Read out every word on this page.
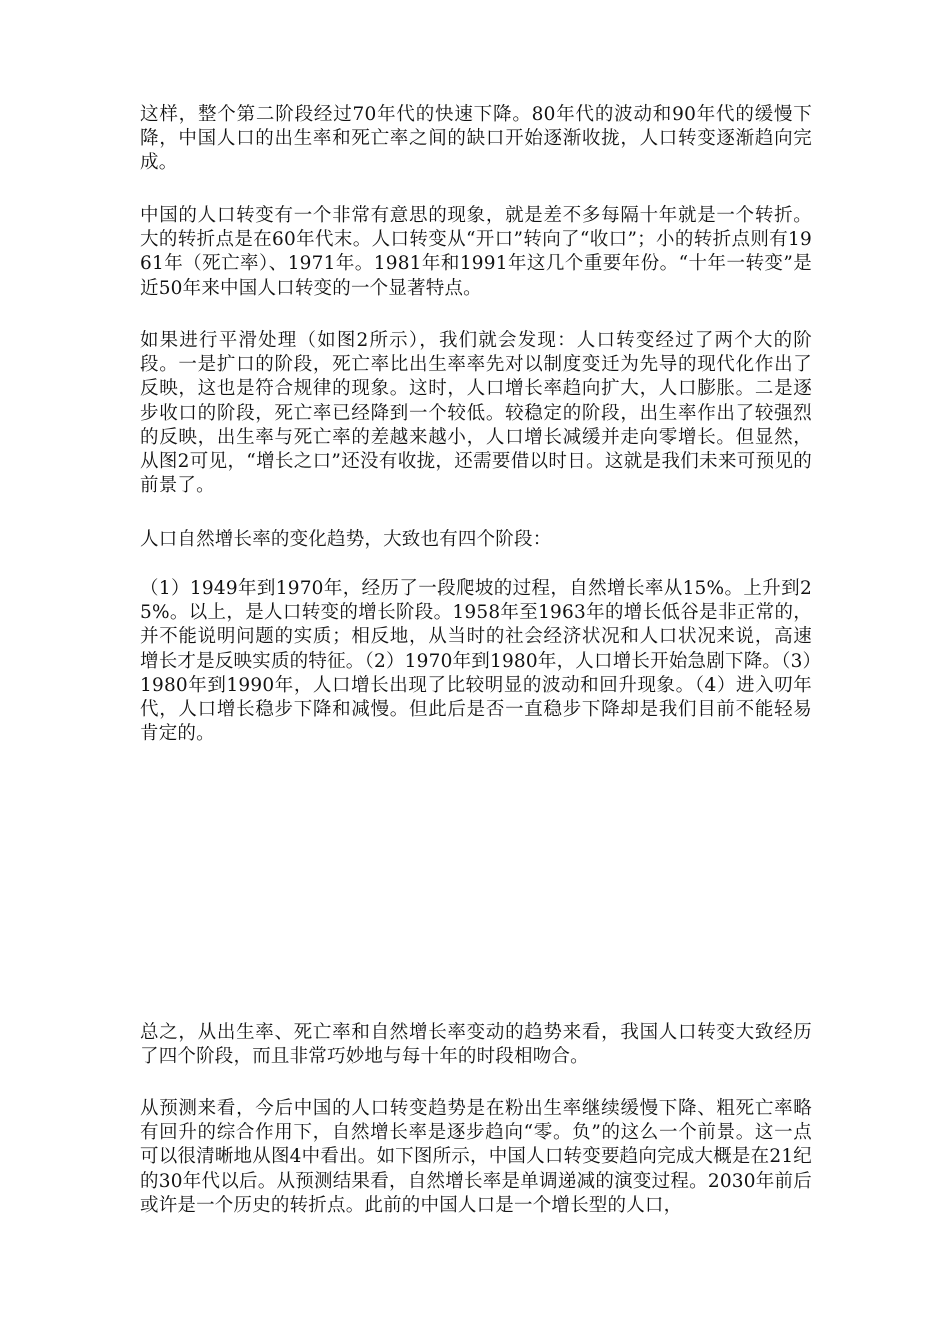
这样，整个第二阶段经过70年代的快速下降。80年代的波动和90年代的缓慢下降，中国人口的出生率和死亡率之间的缺口开始逐渐收拢，人口转变逐渐趋向完成。

中国的人口转变有一个非常有意思的现象，就是差不多每隔十年就是一个转折。大的转折点是在60年代末。人口转变从“开口”转向了“收口”；小的转折点则有1961年（死亡率）、1971年。1981年和1991年这几个重要年份。“十年一转变”是近50年来中国人口转变的一个显著特点。

如果进行平滑处理（如图2所示），我们就会发现：人口转变经过了两个大的阶段。一是扩口的阶段，死亡率比出生率率先对以制度变迁为先导的现代化作出了反映，这也是符合规律的现象。这时，人口增长率趋向扩大，人口膨胀。二是逐步收口的阶段，死亡率已经降到一个较低。较稳定的阶段，出生率作出了较强烈的反映，出生率与死亡率的差越来越小，人口增长减缓并走向零增长。但显然，从图2可见，“增长之口”还没有收拢，还需要借以时日。这就是我们未来可预见的前景了。

人口自然增长率的变化趋势，大致也有四个阶段：

（1）1949年到1970年，经历了一段爬坡的过程，自然增长率从15%。上升到25%。以上，是人口转变的增长阶段。1958年至1963年的增长低谷是非正常的，并不能说明问题的实质；相反地，从当时的社会经济状况和人口状况来说，高速增长才是反映实质的特征。（2）1970年到1980年，人口增长开始急剧下降。（3）1980年到1990年，人口增长出现了比较明显的波动和回升现象。（4）进入叨年代，人口增长稳步下降和减慢。但此后是否一直稳步下降却是我们目前不能轻易肯定的。

总之，从出生率、死亡率和自然增长率变动的趋势来看，我国人口转变大致经历了四个阶段，而且非常巧妙地与每十年的时段相吻合。

从预测来看，今后中国的人口转变趋势是在粉出生率继续缓慢下降、粗死亡率略有回升的综合作用下，自然增长率是逐步趋向“零。负”的这么一个前景。这一点可以很清晰地从图4中看出。如下图所示，中国人口转变要趋向完成大概是在21纪的30年代以后。从预测结果看，自然增长率是单调递减的演变过程。2030年前后或许是一个历史的转折点。此前的中国人口是一个增长型的人口，
